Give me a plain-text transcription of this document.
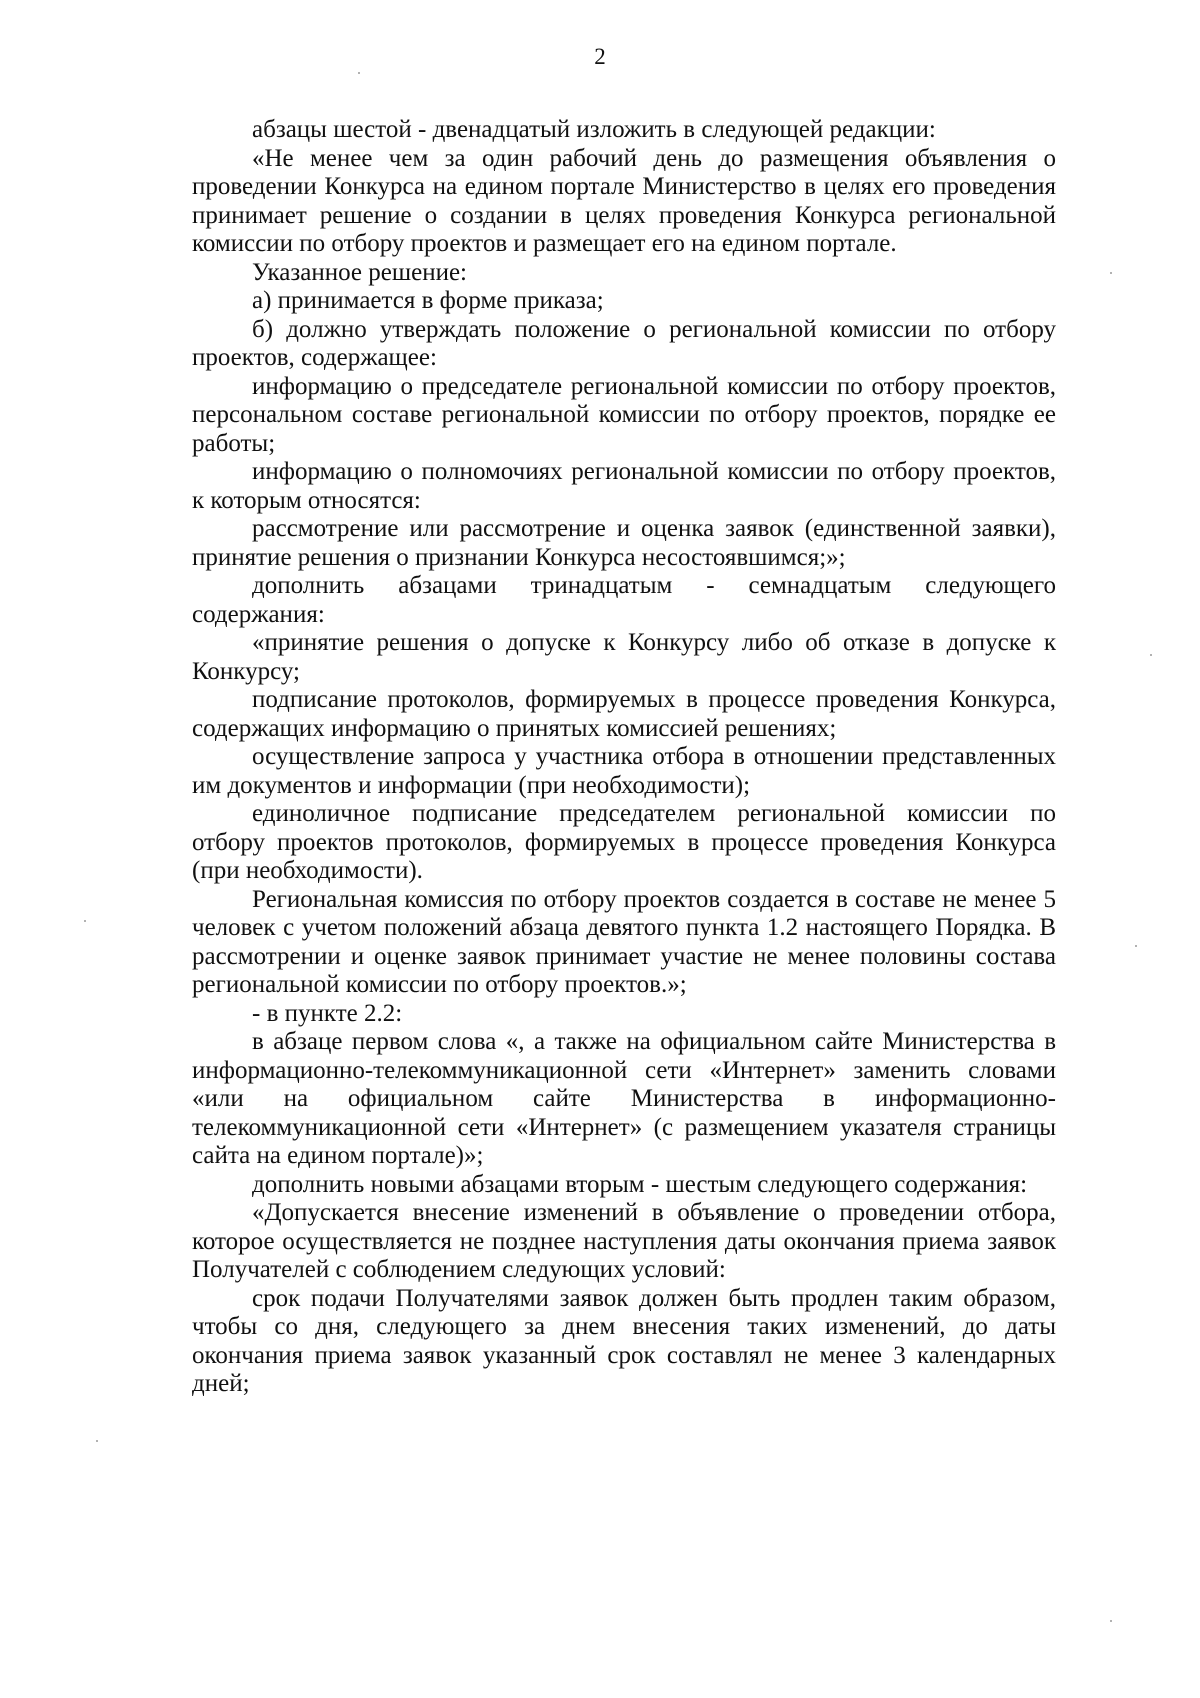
2

абзацы шестой - двенадцатый изложить в следующей редакции:

«Не менее чем за один рабочий день до размещения объявления о проведении Конкурса на едином портале Министерство в целях его проведения принимает решение о создании в целях проведения Конкурса региональной комиссии по отбору проектов и размещает его на едином портале.

Указанное решение:

а) принимается в форме приказа;

б) должно утверждать положение о региональной комиссии по отбору проектов, содержащее:

информацию о председателе региональной комиссии по отбору проектов, персональном составе региональной комиссии по отбору проектов, порядке ее работы;

информацию о полномочиях региональной комиссии по отбору проектов, к которым относятся:

рассмотрение или рассмотрение и оценка заявок (единственной заявки), принятие решения о признании Конкурса несостоявшимся;»;

дополнить абзацами тринадцатым - семнадцатым следующего содержания:

«принятие решения о допуске к Конкурсу либо об отказе в допуске к Конкурсу;

подписание протоколов, формируемых в процессе проведения Конкурса, содержащих информацию о принятых комиссией решениях;

осуществление запроса у участника отбора в отношении представленных им документов и информации (при необходимости);

единоличное подписание председателем региональной комиссии по отбору проектов протоколов, формируемых в процессе проведения Конкурса (при необходимости).

Региональная комиссия по отбору проектов создается в составе не менее 5 человек с учетом положений абзаца девятого пункта 1.2 настоящего Порядка. В рассмотрении и оценке заявок принимает участие не менее половины состава региональной комиссии по отбору проектов.»;

- в пункте 2.2:

в абзаце первом слова «, а также на официальном сайте Министерства в информационно-телекоммуникационной сети «Интернет» заменить словами «или на официальном сайте Министерства в информационно-телекоммуникационной сети «Интернет» (с размещением указателя страницы сайта на едином портале)»;

дополнить новыми абзацами вторым - шестым следующего содержания:

«Допускается внесение изменений в объявление о проведении отбора, которое осуществляется не позднее наступления даты окончания приема заявок Получателей с соблюдением следующих условий:

срок подачи Получателями заявок должен быть продлен таким образом, чтобы со дня, следующего за днем внесения таких изменений, до даты окончания приема заявок указанный срок составлял не менее 3 календарных дней;
